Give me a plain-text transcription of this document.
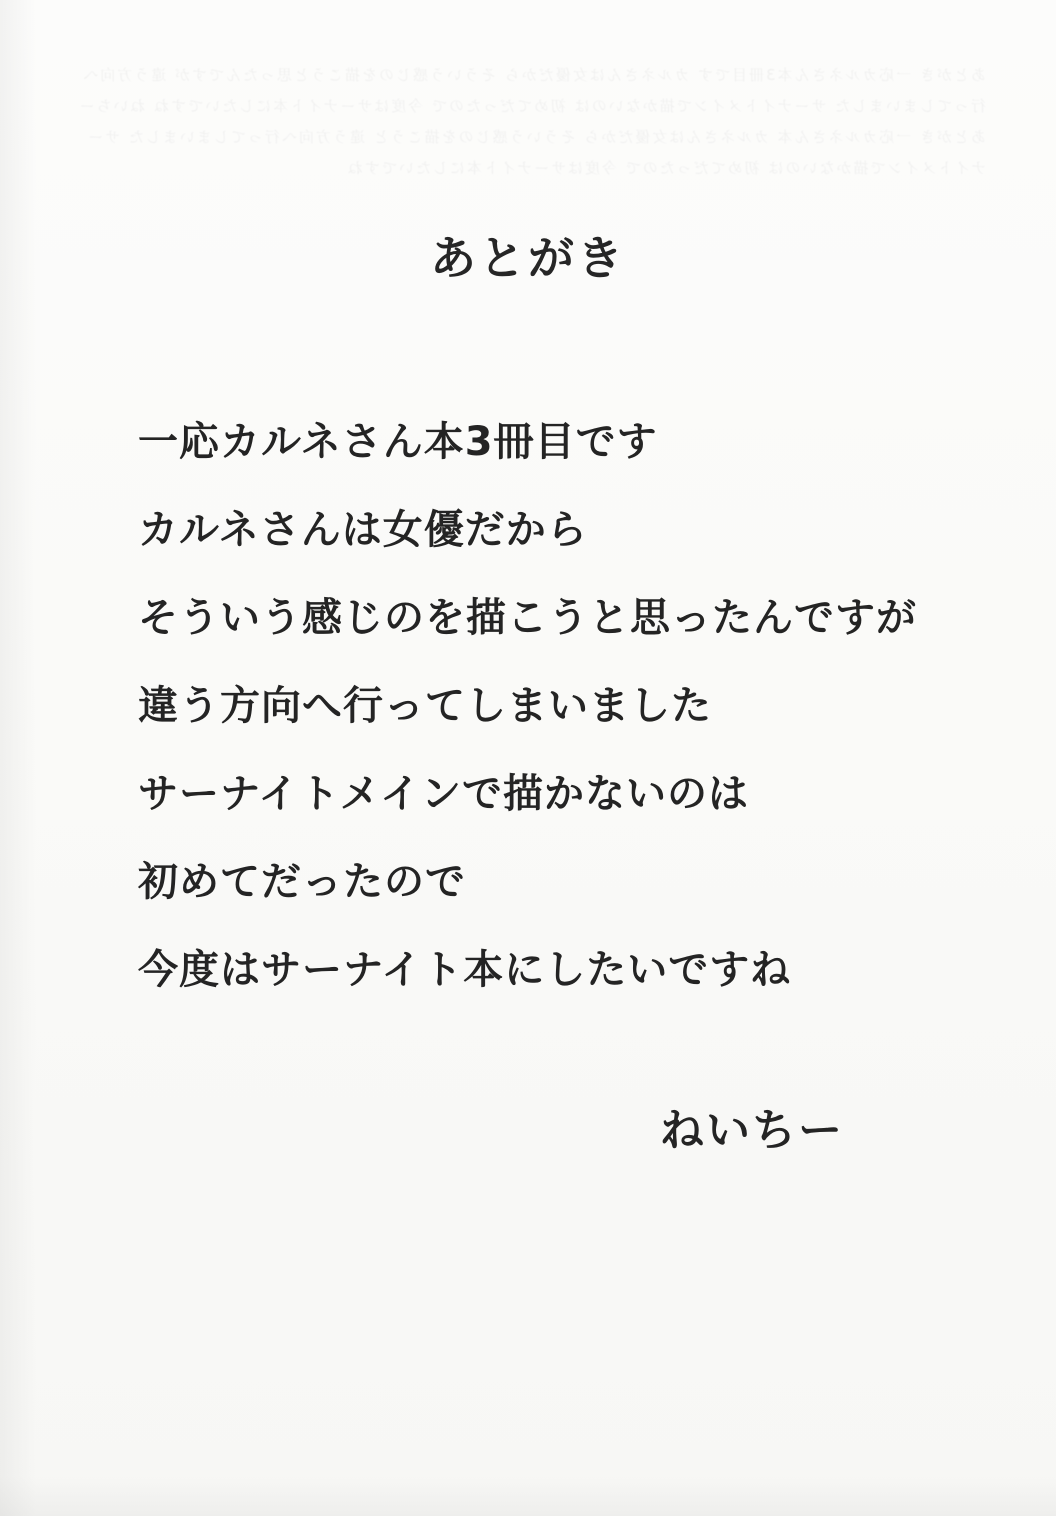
あとがき
一応カルネさん本3冊目です
カルネさんは女優だから
そういう感じのを描こうと思ったんですが
違う方向へ行ってしまいました
サーナイトメインで描かないのは
初めてだったので
今度はサーナイト本にしたいですね
ねいちー
